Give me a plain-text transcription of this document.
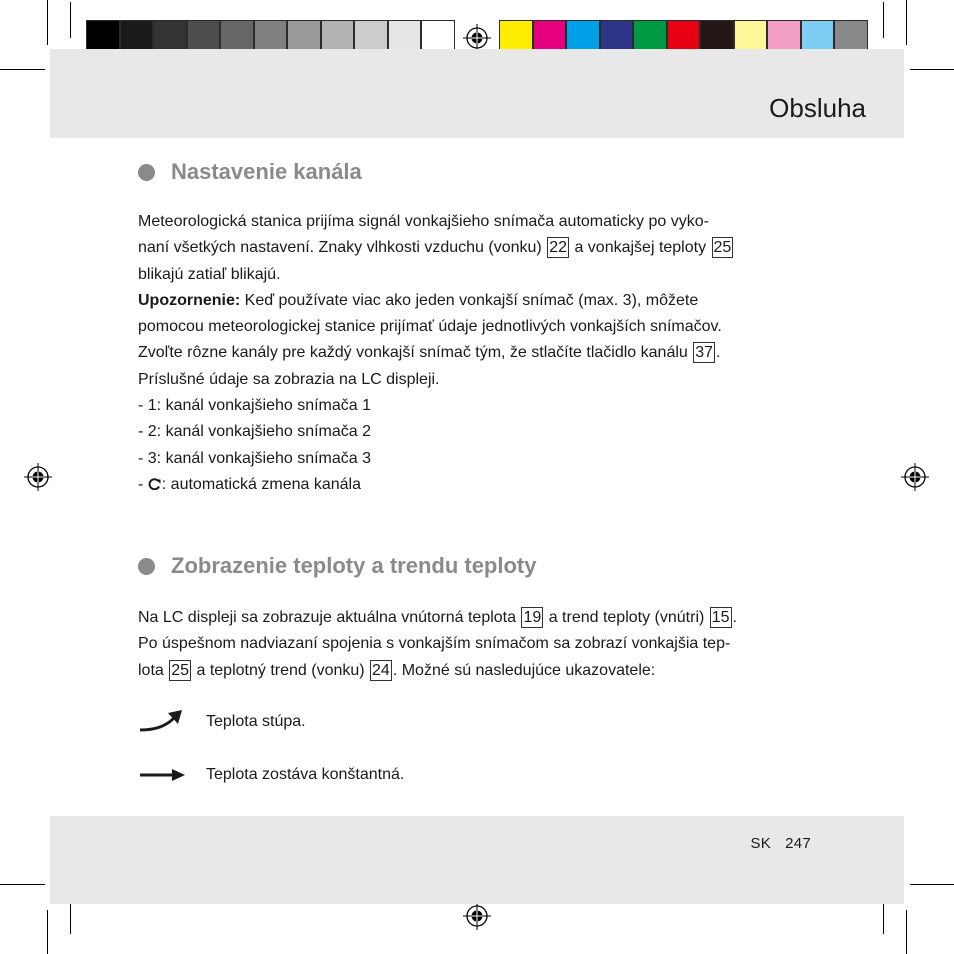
Obsluha
Nastavenie kanála

Meteorologická stanica prijíma signál vonkajšieho snímača automaticky po vyko-

naní všetkých nastavení. Znaky vlhkosti vzduchu (vonku) 22 a vonkajšej teploty 25

blikajú zatiaľ blikajú.

Upozornenie: Keď používate viac ako jeden vonkajší snímač (max. 3), môžete

pomocou meteorologickej stanice prijímať údaje jednotlivých vonkajších snímačov.

Zvoľte rôzne kanály pre každý vonkajší snímač tým, že stlačíte tlačidlo kanálu 37 .

Príslušné údaje sa zobrazia na LC displeji.

- 1: kanál vonkajšieho snímača 1

- 2: kanál vonkajšieho snímača 2

- 3: kanál vonkajšieho snímača 3

- : automatická zmena kanála

Zobrazenie teploty a trendu teploty

Na LC displeji sa zobrazuje aktuálna vnútorná teplota 19 a trend teploty (vnútri) 15 .

Po úspešnom nadviazaní spojenia s vonkajším snímačom sa zobrazí vonkajšia tep-

lota 25 a teplotný trend (vonku) 24 . Možné sú nasledujúce ukazovatele:

Teplota stúpa.
Teplota zostáva konštantná.
SK 247
